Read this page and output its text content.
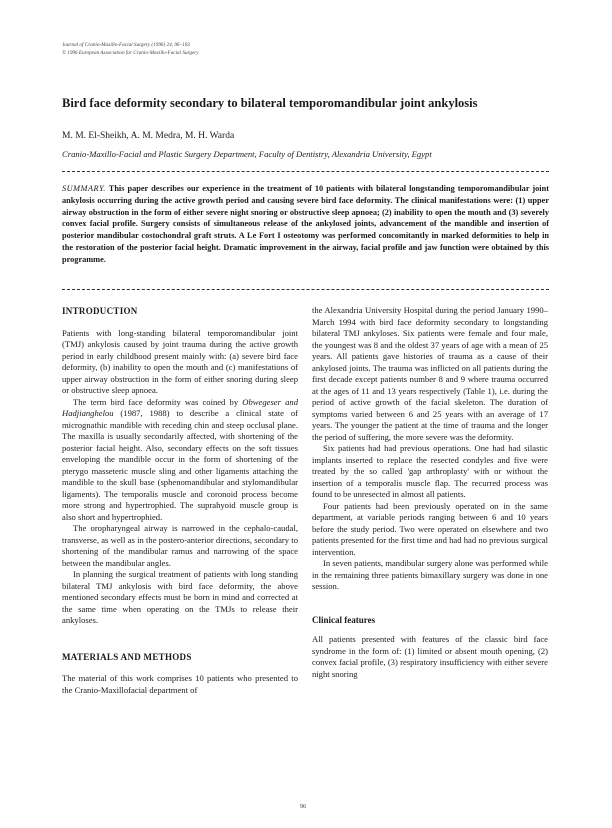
Journal of Cranio-Maxillo-Facial Surgery (1996) 24, 96–103
© 1996 European Association for Cranio-Maxillo-Facial Surgery
Bird face deformity secondary to bilateral temporomandibular joint ankylosis
M. M. El-Sheikh, A. M. Medra, M. H. Warda
Cranio-Maxillo-Facial and Plastic Surgery Department, Faculty of Dentistry, Alexandria University, Egypt
SUMMARY. This paper describes our experience in the treatment of 10 patients with bilateral longstanding temporomandibular joint ankylosis occurring during the active growth period and causing severe bird face deformity. The clinical manifestations were: (1) upper airway obstruction in the form of either severe night snoring or obstructive sleep apnoea; (2) inability to open the mouth and (3) severely convex facial profile. Surgery consists of simultaneous release of the ankylosed joints, advancement of the mandible and insertion of posterior mandibular costochondral graft struts. A Le Fort I osteotomy was performed concomitantly in marked deformities to help in the restoration of the posterior facial height. Dramatic improvement in the airway, facial profile and jaw function were obtained by this programme.
INTRODUCTION

Patients with long-standing bilateral temporomandibular joint (TMJ) ankylosis caused by joint trauma during the active growth period in early childhood present mainly with: (a) severe bird face deformity, (b) inability to open the mouth and (c) manifestations of upper airway obstruction in the form of either snoring during sleep or obstructive sleep apnoea.

The term bird face deformity was coined by Obwegeser and Hadjianghelou (1987, 1988) to describe a clinical state of micrognathic mandible with receding chin and steep occlusal plane. The maxilla is usually secondarily affected, with shortening of the posterior facial height. Also, secondary effects on the soft tissues enveloping the mandible occur in the form of shortening of the pterygo masseteric muscle sling and other ligaments attaching the mandible to the skull base (sphenomandibular and stylomandibular ligaments). The temporalis muscle and coronoid process become more strong and hypertrophied. The suprahyoid muscle group is also short and hypertrophied.

The oropharyngeal airway is narrowed in the cephalo-caudal, transverse, as well as in the postero-anterior directions, secondary to shortening of the mandibular ramus and narrowing of the space between the mandibular angles.

In planning the surgical treatment of patients with long standing bilateral TMJ ankylosis with bird face deformity, the above mentioned secondary effects must be born in mind and corrected at the same time when operating on the TMJs to release their ankyloses.

MATERIALS AND METHODS

The material of this work comprises 10 patients who presented to the Cranio-Maxillofacial department of

the Alexandria University Hospital during the period January 1990–March 1994 with bird face deformity secondary to longstanding bilateral TMJ ankyloses. Six patients were female and four male, the youngest was 8 and the oldest 37 years of age with a mean of 25 years. All patients gave histories of trauma as a cause of their ankylosed joints. The trauma was inflicted on all patients during the first decade except patients number 8 and 9 where trauma occurred at the ages of 11 and 13 years respectively (Table 1), i.e. during the period of active growth of the facial skeleton. The duration of symptoms varied between 6 and 25 years with an average of 17 years. The younger the patient at the time of trauma and the longer the period of suffering, the more severe was the deformity.

Six patients had had previous operations. One had had silastic implants inserted to replace the resected condyles and five were treated by the so called 'gap arthroplasty' with or without the insertion of a temporalis muscle flap. The recurred process was found to be unresected in almost all patients.

Four patients had been previously operated on in the same department, at variable periods ranging between 6 and 10 years before the study period. Two were operated on elsewhere and two patients presented for the first time and had had no previous surgical intervention.

In seven patients, mandibular surgery alone was performed while in the remaining three patients bimaxillary surgery was done in one session.

Clinical features

All patients presented with features of the classic bird face syndrome in the form of: (1) limited or absent mouth opening, (2) convex facial profile, (3) respiratory insufficiency with either severe night snoring

96
